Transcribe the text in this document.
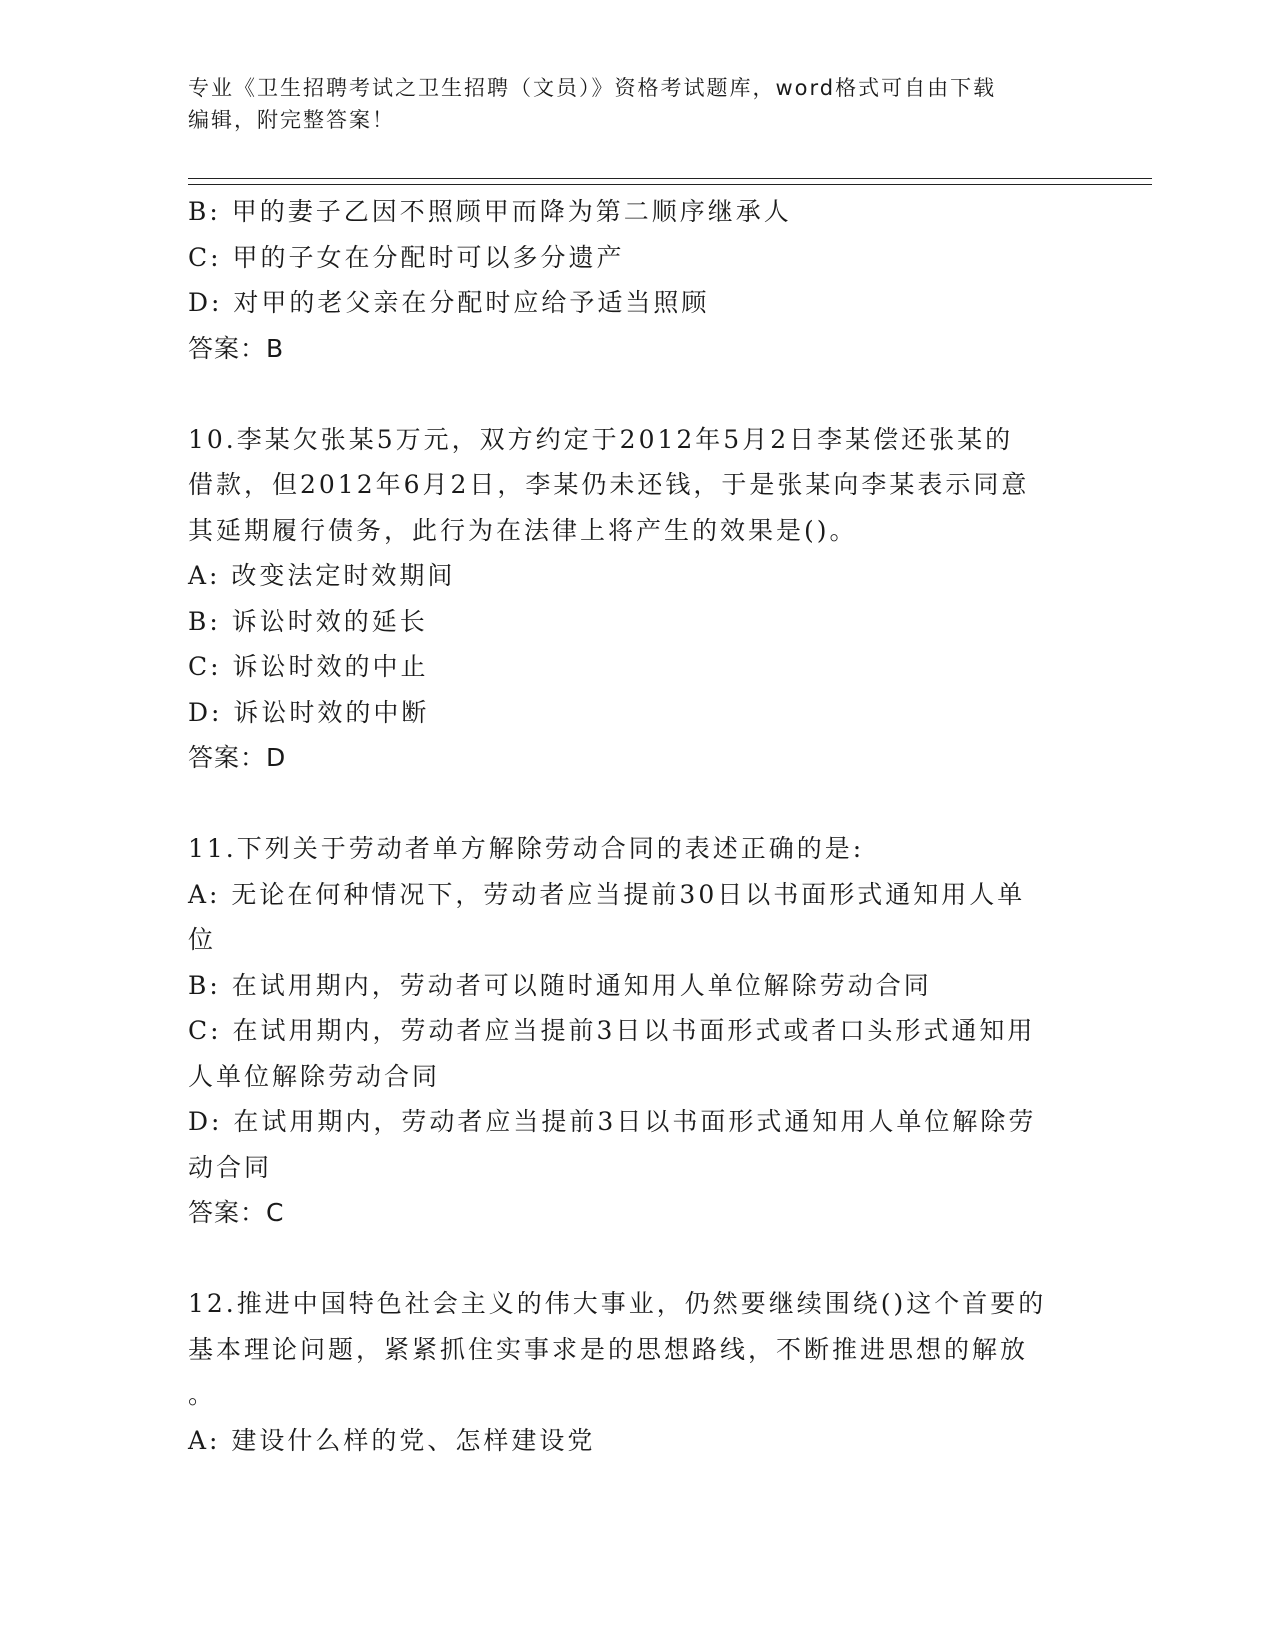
专业《卫生招聘考试之卫生招聘（文员）》资格考试题库，word格式可自由下载
编辑，附完整答案！
B: 甲的妻子乙因不照顾甲而降为第二顺序继承人
C: 甲的子女在分配时可以多分遗产
D: 对甲的老父亲在分配时应给予适当照顾
答案：B
10.李某欠张某5万元，双方约定于2012年5月2日李某偿还张某的
借款，但2012年6月2日，李某仍未还钱，于是张某向李某表示同意
其延期履行债务，此行为在法律上将产生的效果是()。
A: 改变法定时效期间
B: 诉讼时效的延长
C: 诉讼时效的中止
D: 诉讼时效的中断
答案：D
11.下列关于劳动者单方解除劳动合同的表述正确的是:
A: 无论在何种情况下，劳动者应当提前30日以书面形式通知用人单
位
B: 在试用期内，劳动者可以随时通知用人单位解除劳动合同
C: 在试用期内，劳动者应当提前3日以书面形式或者口头形式通知用
人单位解除劳动合同
D: 在试用期内，劳动者应当提前3日以书面形式通知用人单位解除劳
动合同
答案：C
12.推进中国特色社会主义的伟大事业，仍然要继续围绕()这个首要的
基本理论问题，紧紧抓住实事求是的思想路线，不断推进思想的解放
。
A: 建设什么样的党、怎样建设党
